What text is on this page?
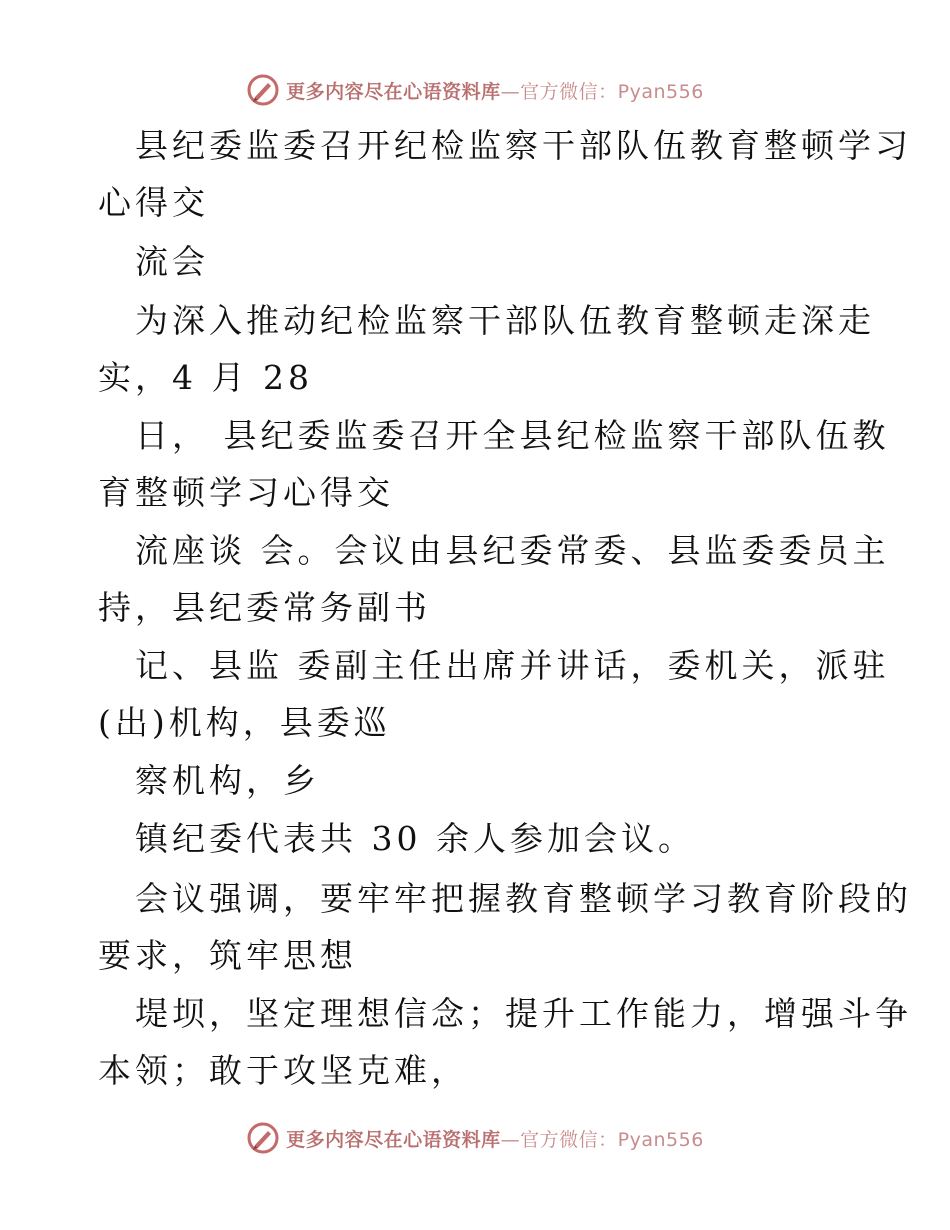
更多内容尽在心语资料库—官方微信：Pyan556
县纪委监委召开纪检监察干部队伍教育整顿学习
心得交
流会
为深入推动纪检监察干部队伍教育整顿走深走
实，4 月 28
日， 县纪委监委召开全县纪检监察干部队伍教
育整顿学习心得交
流座谈 会。会议由县纪委常委、县监委委员主
持，县纪委常务副书
记、县监 委副主任出席并讲话，委机关，派驻
(出)机构，县委巡
察机构，乡
镇纪委代表共 30 余人参加会议。
会议强调，要牢牢把握教育整顿学习教育阶段的
要求，筑牢思想
堤坝，坚定理想信念；提升工作能力，增强斗争
本领；敢于攻坚克难，
更多内容尽在心语资料库—官方微信：Pyan556
